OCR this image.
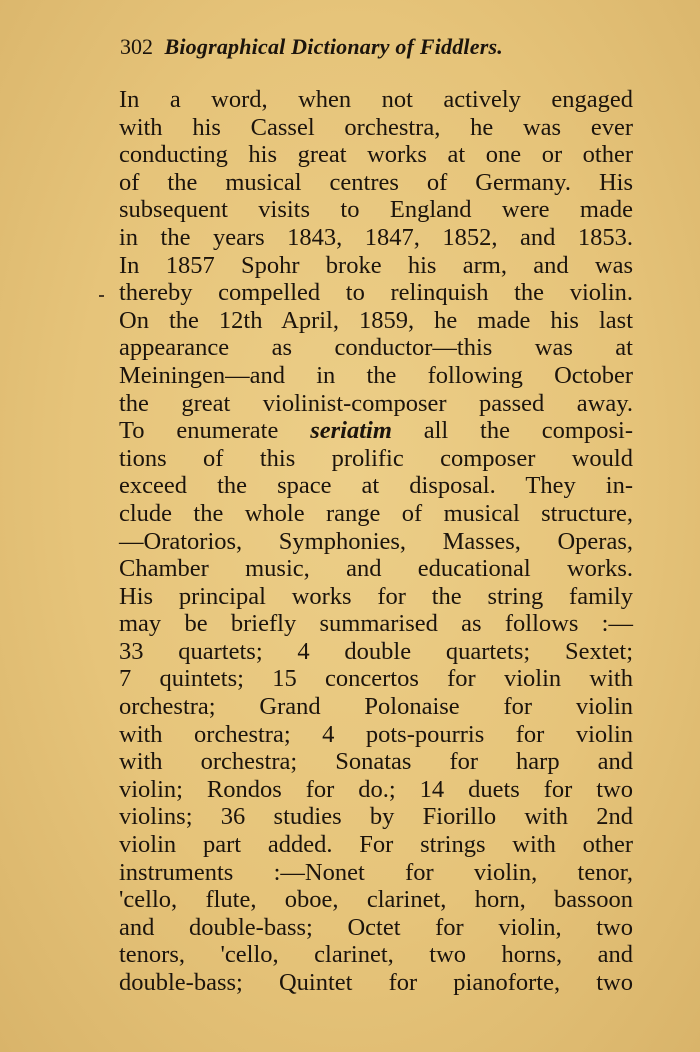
302 Biographical Dictionary of Fiddlers.
In a word, when not actively engaged
with his Cassel orchestra, he was ever
conducting his great works at one or other
of the musical centres of Germany. His
subsequent visits to England were made
in the years 1843, 1847, 1852, and 1853.
In 1857 Spohr broke his arm, and was
thereby compelled to relinquish the violin.
On the 12th April, 1859, he made his last
appearance as conductor—this was at
Meiningen—and in the following October
the great violinist-composer passed away.
To enumerate seriatim all the composi-
tions of this prolific composer would
exceed the space at disposal. They in-
clude the whole range of musical structure,
—Oratorios, Symphonies, Masses, Operas,
Chamber music, and educational works.
His principal works for the string family
may be briefly summarised as follows :—
33 quartets; 4 double quartets; Sextet;
7 quintets; 15 concertos for violin with
orchestra; Grand Polonaise for violin
with orchestra; 4 pots-pourris for violin
with orchestra; Sonatas for harp and
violin; Rondos for do.; 14 duets for two
violins; 36 studies by Fiorillo with 2nd
violin part added. For strings with other
instruments :—Nonet for violin, tenor,
'cello, flute, oboe, clarinet, horn, bassoon
and double-bass; Octet for violin, two
tenors, 'cello, clarinet, two horns, and
double-bass; Quintet for pianoforte, two
